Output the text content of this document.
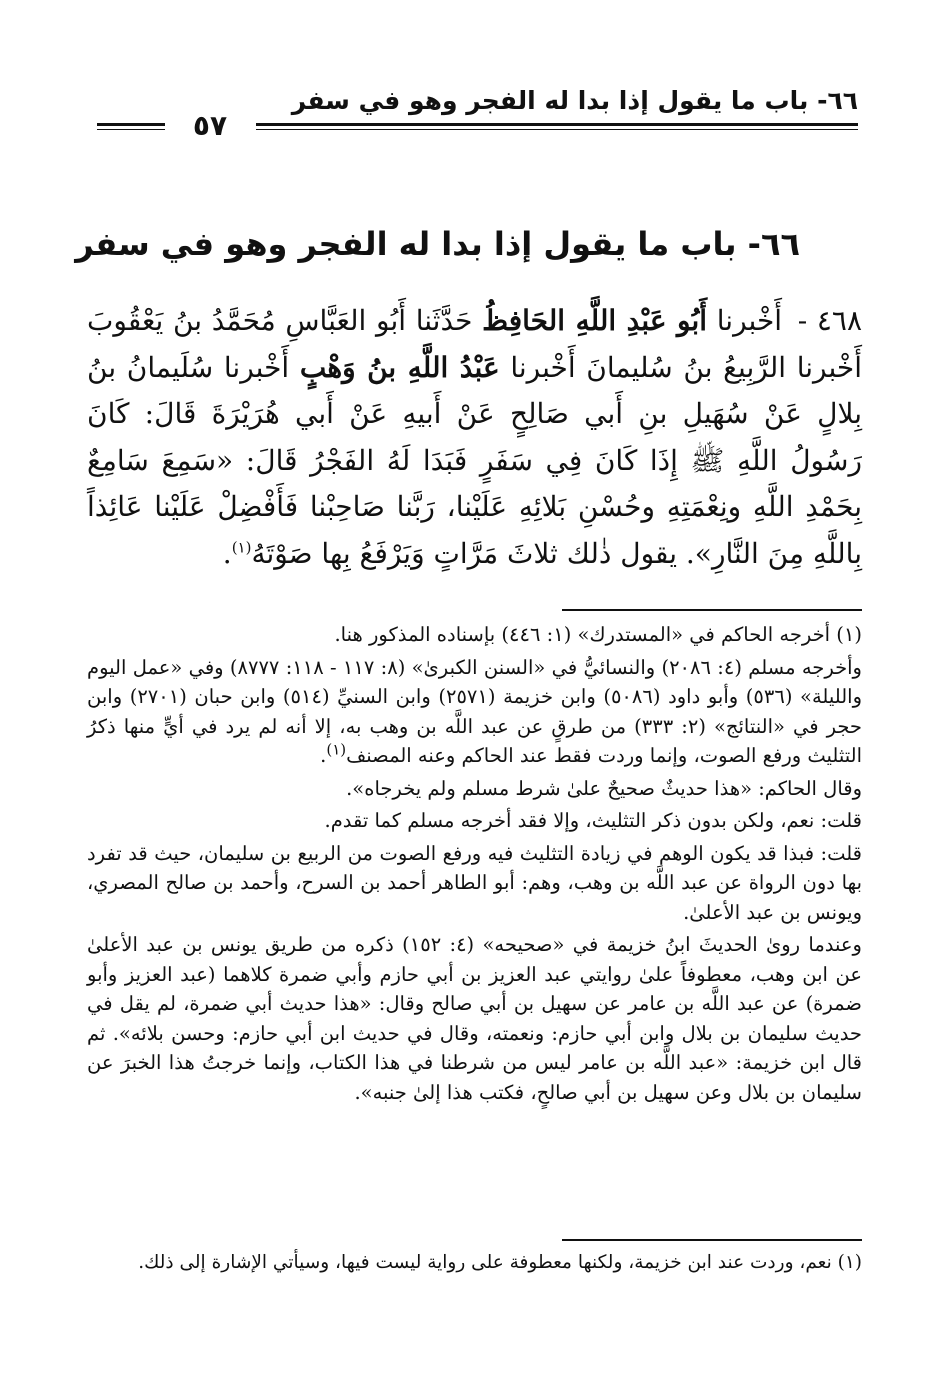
٦٦- باب ما يقول إذا بدا له الفجر وهو في سفر
٥٧
٦٦- باب ما يقول إذا بدا له الفجر وهو في سفر

٤٦٨ - أَخْبرنا أَبُو عَبْدِ اللَّهِ الحَافِظُ حَدَّثَنا أَبُو العَبَّاسِ مُحَمَّدُ بنُ يَعْقُوبَ أَخْبرنا الرَّبِيعُ بنُ سُليمانَ أَخْبرنا عَبْدُ اللَّهِ بنُ وَهْبٍ أَخْبرنا سُلَيمانُ بنُ بِلالٍ عَنْ سُهَيلِ بنِ أَبي صَالِحٍ عَنْ أَبيهِ عَنْ أَبي هُرَيْرَةَ قَالَ: كَانَ رَسُولُ اللَّهِ ﷺ إِذَا كَانَ فِي سَفَرٍ فَبَدَا لَهُ الفَجْرُ قَالَ: «سَمِعَ سَامِعٌ بِحَمْدِ اللَّهِ ونِعْمَتِهِ وحُسْنِ بَلائِهِ عَلَيْنا، رَبَّنا صَاحِبْنا فَأَفْضِلْ عَلَيْنا عَائِذاً بِاللَّهِ مِنَ النَّارِ». يقول ذٰلك ثلاثَ مَرَّاتٍ وَيَرْفَعُ بِها صَوْتَهُ$^{(١)}$.

(١) أخرجه الحاكم في «المستدرك» (١: ٤٤٦) بإسناده المذكور هنا.

وأخرجه مسلم (٤: ٢٠٨٦) والنسائيُّ في «السنن الكبرىٰ» (٨: ١١٧ - ١١٨: ٨٧٧٧) وفي «عمل اليوم والليلة» (٥٣٦) وأبو داود (٥٠٨٦) وابن خزيمة (٢٥٧١) وابن السنيِّ (٥١٤) وابن حبان (٢٧٠١) وابن حجر في «النتائج» (٢: ٣٣٣) من طرقٍ عن عبد اللَّه بن وهب به، إلا أنه لم يرد في أيٍّ منها ذكرُ التثليث ورفع الصوت، وإنما وردت فقط عند الحاكم وعنه المصنف$^{(١)}$.

وقال الحاكم: «هذا حديثٌ صحيحٌ علىٰ شرط مسلم ولم يخرجاه».

قلت: نعم، ولكن بدون ذكر التثليث، وإلا فقد أخرجه مسلم كما تقدم.

قلت: فبذا قد يكون الوهم في زيادة التثليث فيه ورفع الصوت من الربيع بن سليمان، حيث قد تفرد بها دون الرواة عن عبد اللَّه بن وهب، وهم: أبو الطاهر أحمد بن السرح، وأحمد بن صالح المصري، ويونس بن عبد الأعلىٰ.

وعندما روىٰ الحديثَ ابنُ خزيمة في «صحيحه» (٤: ١٥٢) ذكره من طريق يونس بن عبد الأعلىٰ عن ابن وهب، معطوفاً علىٰ روايتي عبد العزيز بن أبي حازم وأبي ضمرة كلاهما (عبد العزيز وأبو ضمرة) عن عبد اللَّه بن عامر عن سهيل بن أبي صالح وقال: «هذا حديث أبي ضمرة، لم يقل في حديث سليمان بن بلال وابن أبي حازم: ونعمته، وقال في حديث ابن أبي حازم: وحسن بلائه». ثم قال ابن خزيمة: «عبد اللَّه بن عامر ليس من شرطنا في هذا الكتاب، وإنما خرجتُ هذا الخبرَ عن سليمان بن بلال وعن سهيل بن أبي صالحٍ، فكتب هذا إلىٰ جنبه».

(١) نعم، وردت عند ابن خزيمة، ولكنها معطوفة على رواية ليست فيها، وسيأتي الإشارة إلى ذلك.
